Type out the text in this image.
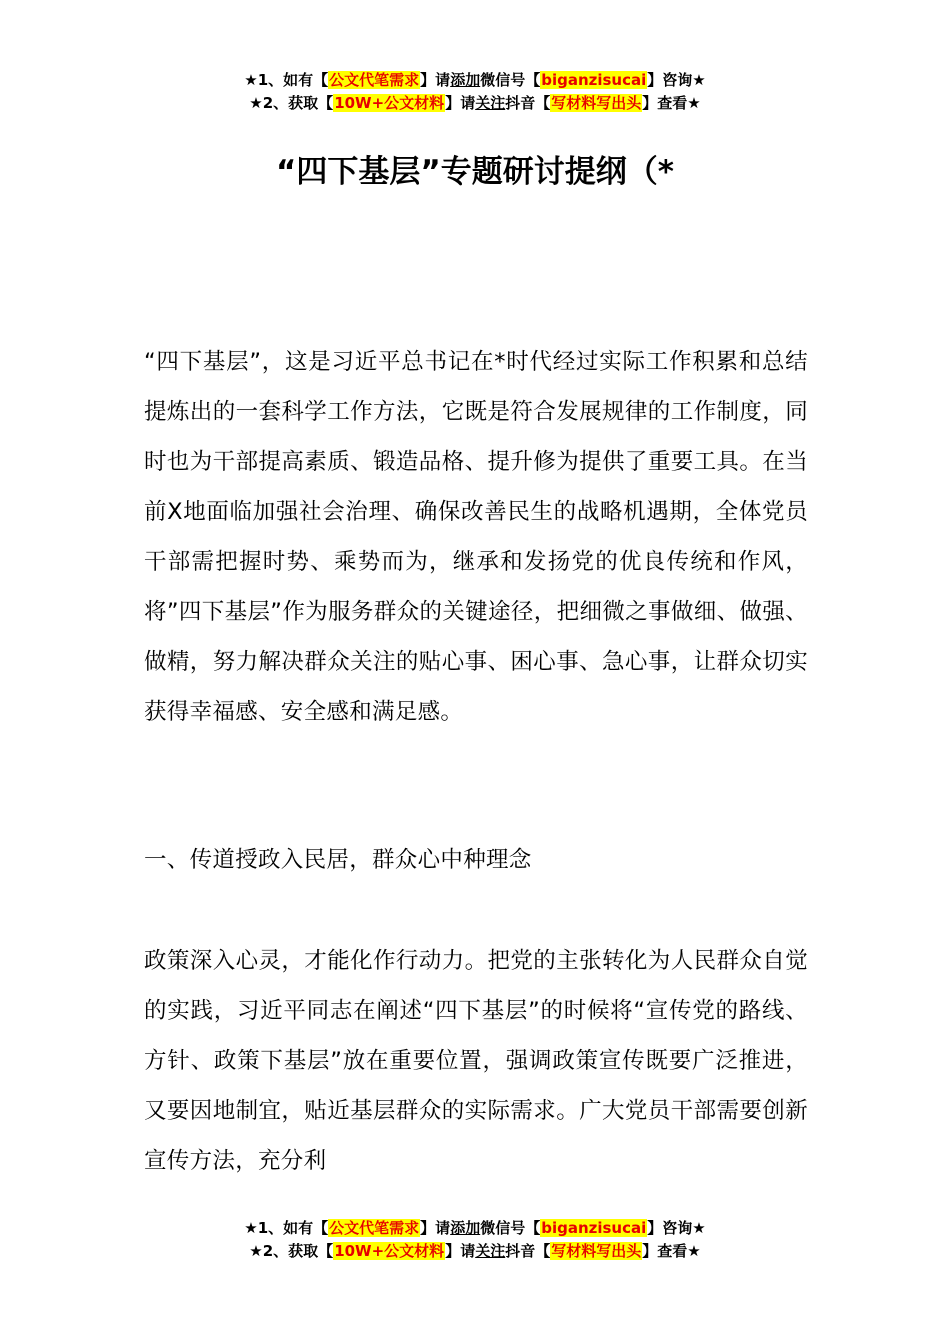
★1、如有【公文代笔需求】请添加微信号【biganzisucai】咨询★
★2、获取【10W+公文材料】请关注抖音【写材料写出头】查看★
“四下基层”专题研讨提纲（*

“四下基层”，这是习近平总书记在*时代经过实际工作积累和总结提炼出的一套科学工作方法，它既是符合发展规律的工作制度，同时也为干部提高素质、锻造品格、提升修为提供了重要工具。在当前X地面临加强社会治理、确保改善民生的战略机遇期，全体党员干部需把握时势、乘势而为，继承和发扬党的优良传统和作风，将”四下基层”作为服务群众的关键途径，把细微之事做细、做强、做精，努力解决群众关注的贴心事、困心事、急心事，让群众切实获得幸福感、安全感和满足感。

一、传道授政入民居，群众心中种理念

政策深入心灵，才能化作行动力。把党的主张转化为人民群众自觉的实践，习近平同志在阐述“四下基层”的时候将“宣传党的路线、方针、政策下基层”放在重要位置，强调政策宣传既要广泛推进，又要因地制宜，贴近基层群众的实际需求。广大党员干部需要创新宣传方法，充分利

★1、如有【公文代笔需求】请添加微信号【biganzisucai】咨询★
★2、获取【10W+公文材料】请关注抖音【写材料写出头】查看★
